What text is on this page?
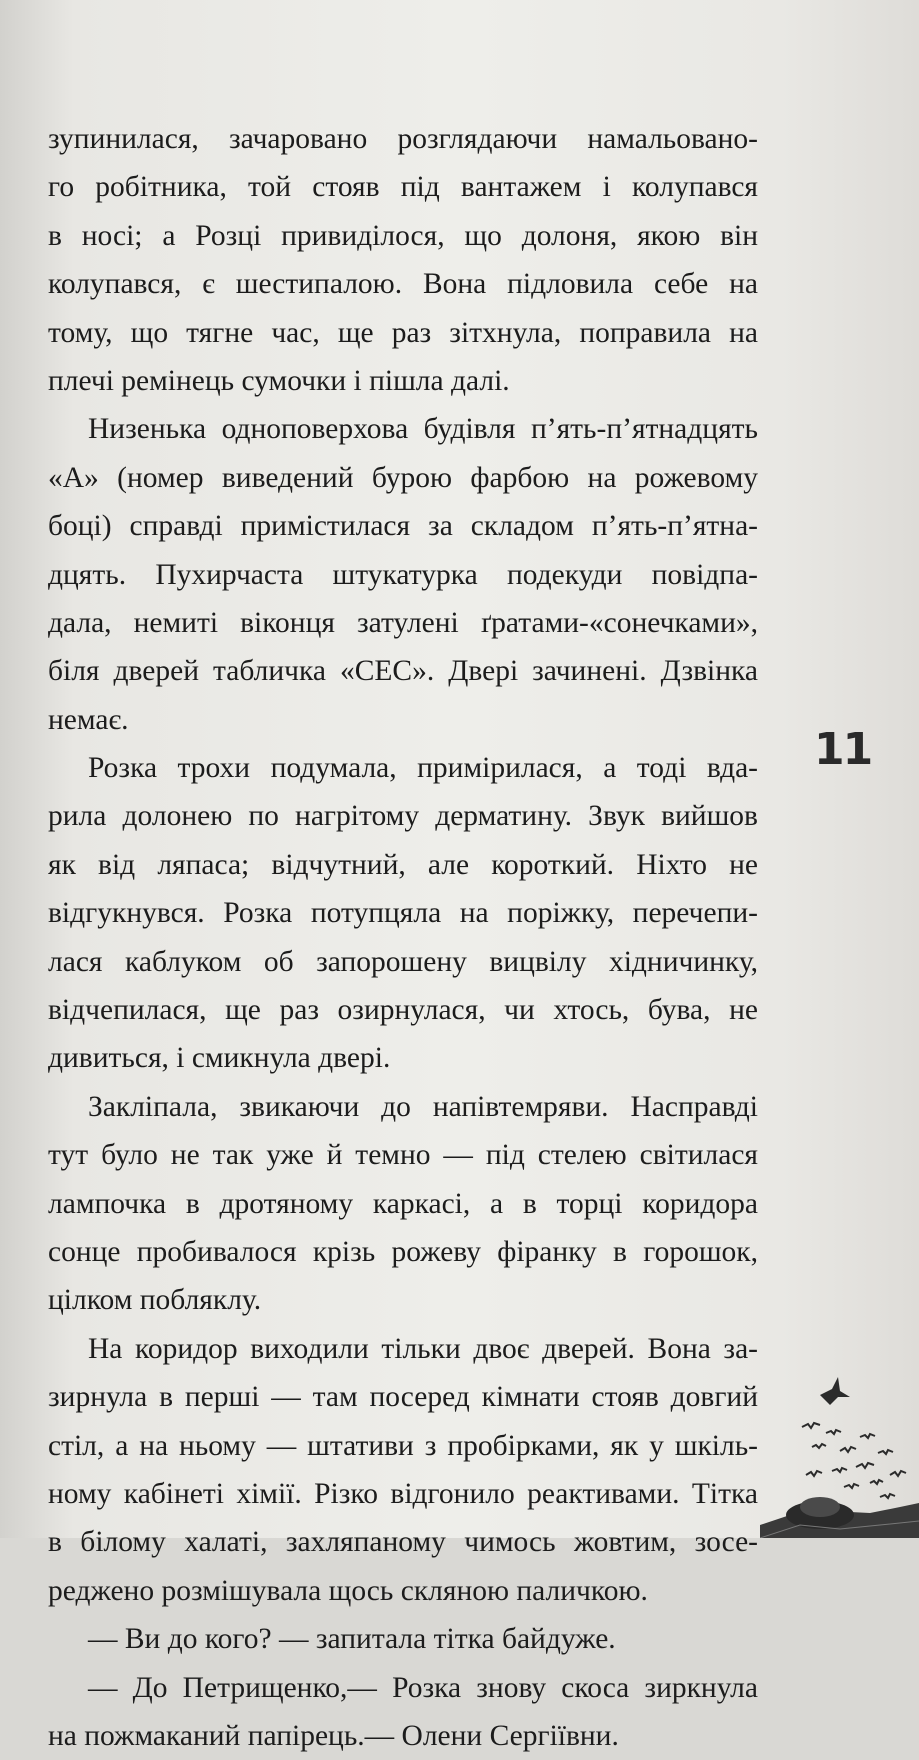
зупинилася, зачаровано розглядаючи намальовано-
го робітника, той стояв під вантажем і колупався
в носі; а Розці привиділося, що долоня, якою він
колупався, є шестипалою. Вона підловила себе на
тому, що тягне час, ще раз зітхнула, поправила на
плечі ремінець сумочки і пішла далі.
Низенька одноповерхова будівля п’ять-п’ятнадцять
«А» (номер виведений бурою фарбою на рожевому
боці) справді примістилася за складом п’ять-п’ятна-
дцять. Пухирчаста штукатурка подекуди повідпа-
дала, немиті віконця затулені ґратами-«сонечками»,
біля дверей табличка «СЕС». Двері зачинені. Дзвінка
немає.
Розка трохи подумала, примірилася, а тоді вда-
рила долонею по нагрітому дерматину. Звук вийшов
як від ляпаса; відчутний, але короткий. Ніхто не
відгукнувся. Розка потупцяла на поріжку, перечепи-
лася каблуком об запорошену вицвілу хідничинку,
відчепилася, ще раз озирнулася, чи хтось, бува, не
дивиться, і смикнула двері.
Закліпала, звикаючи до напівтемряви. Насправді
тут було не так уже й темно — під стелею світилася
лампочка в дротяному каркасі, а в торці коридора
сонце пробивалося крізь рожеву фіранку в горошок,
цілком побляклу.
На коридор виходили тільки двоє дверей. Вона за-
зирнула в перші — там посеред кімнати стояв довгий
стіл, а на ньому — штативи з пробірками, як у шкіль-
ному кабінеті хімії. Різко відгонило реактивами. Тітка
в білому халаті, захляпаному чимось жовтим, зосе-
реджено розмішувала щось скляною паличкою.
— Ви до кого? — запитала тітка байдуже.
— До Петрищенко,— Розка знову скоса зиркнула
на пожмаканий папірець.— Олени Сергіївни.
11
